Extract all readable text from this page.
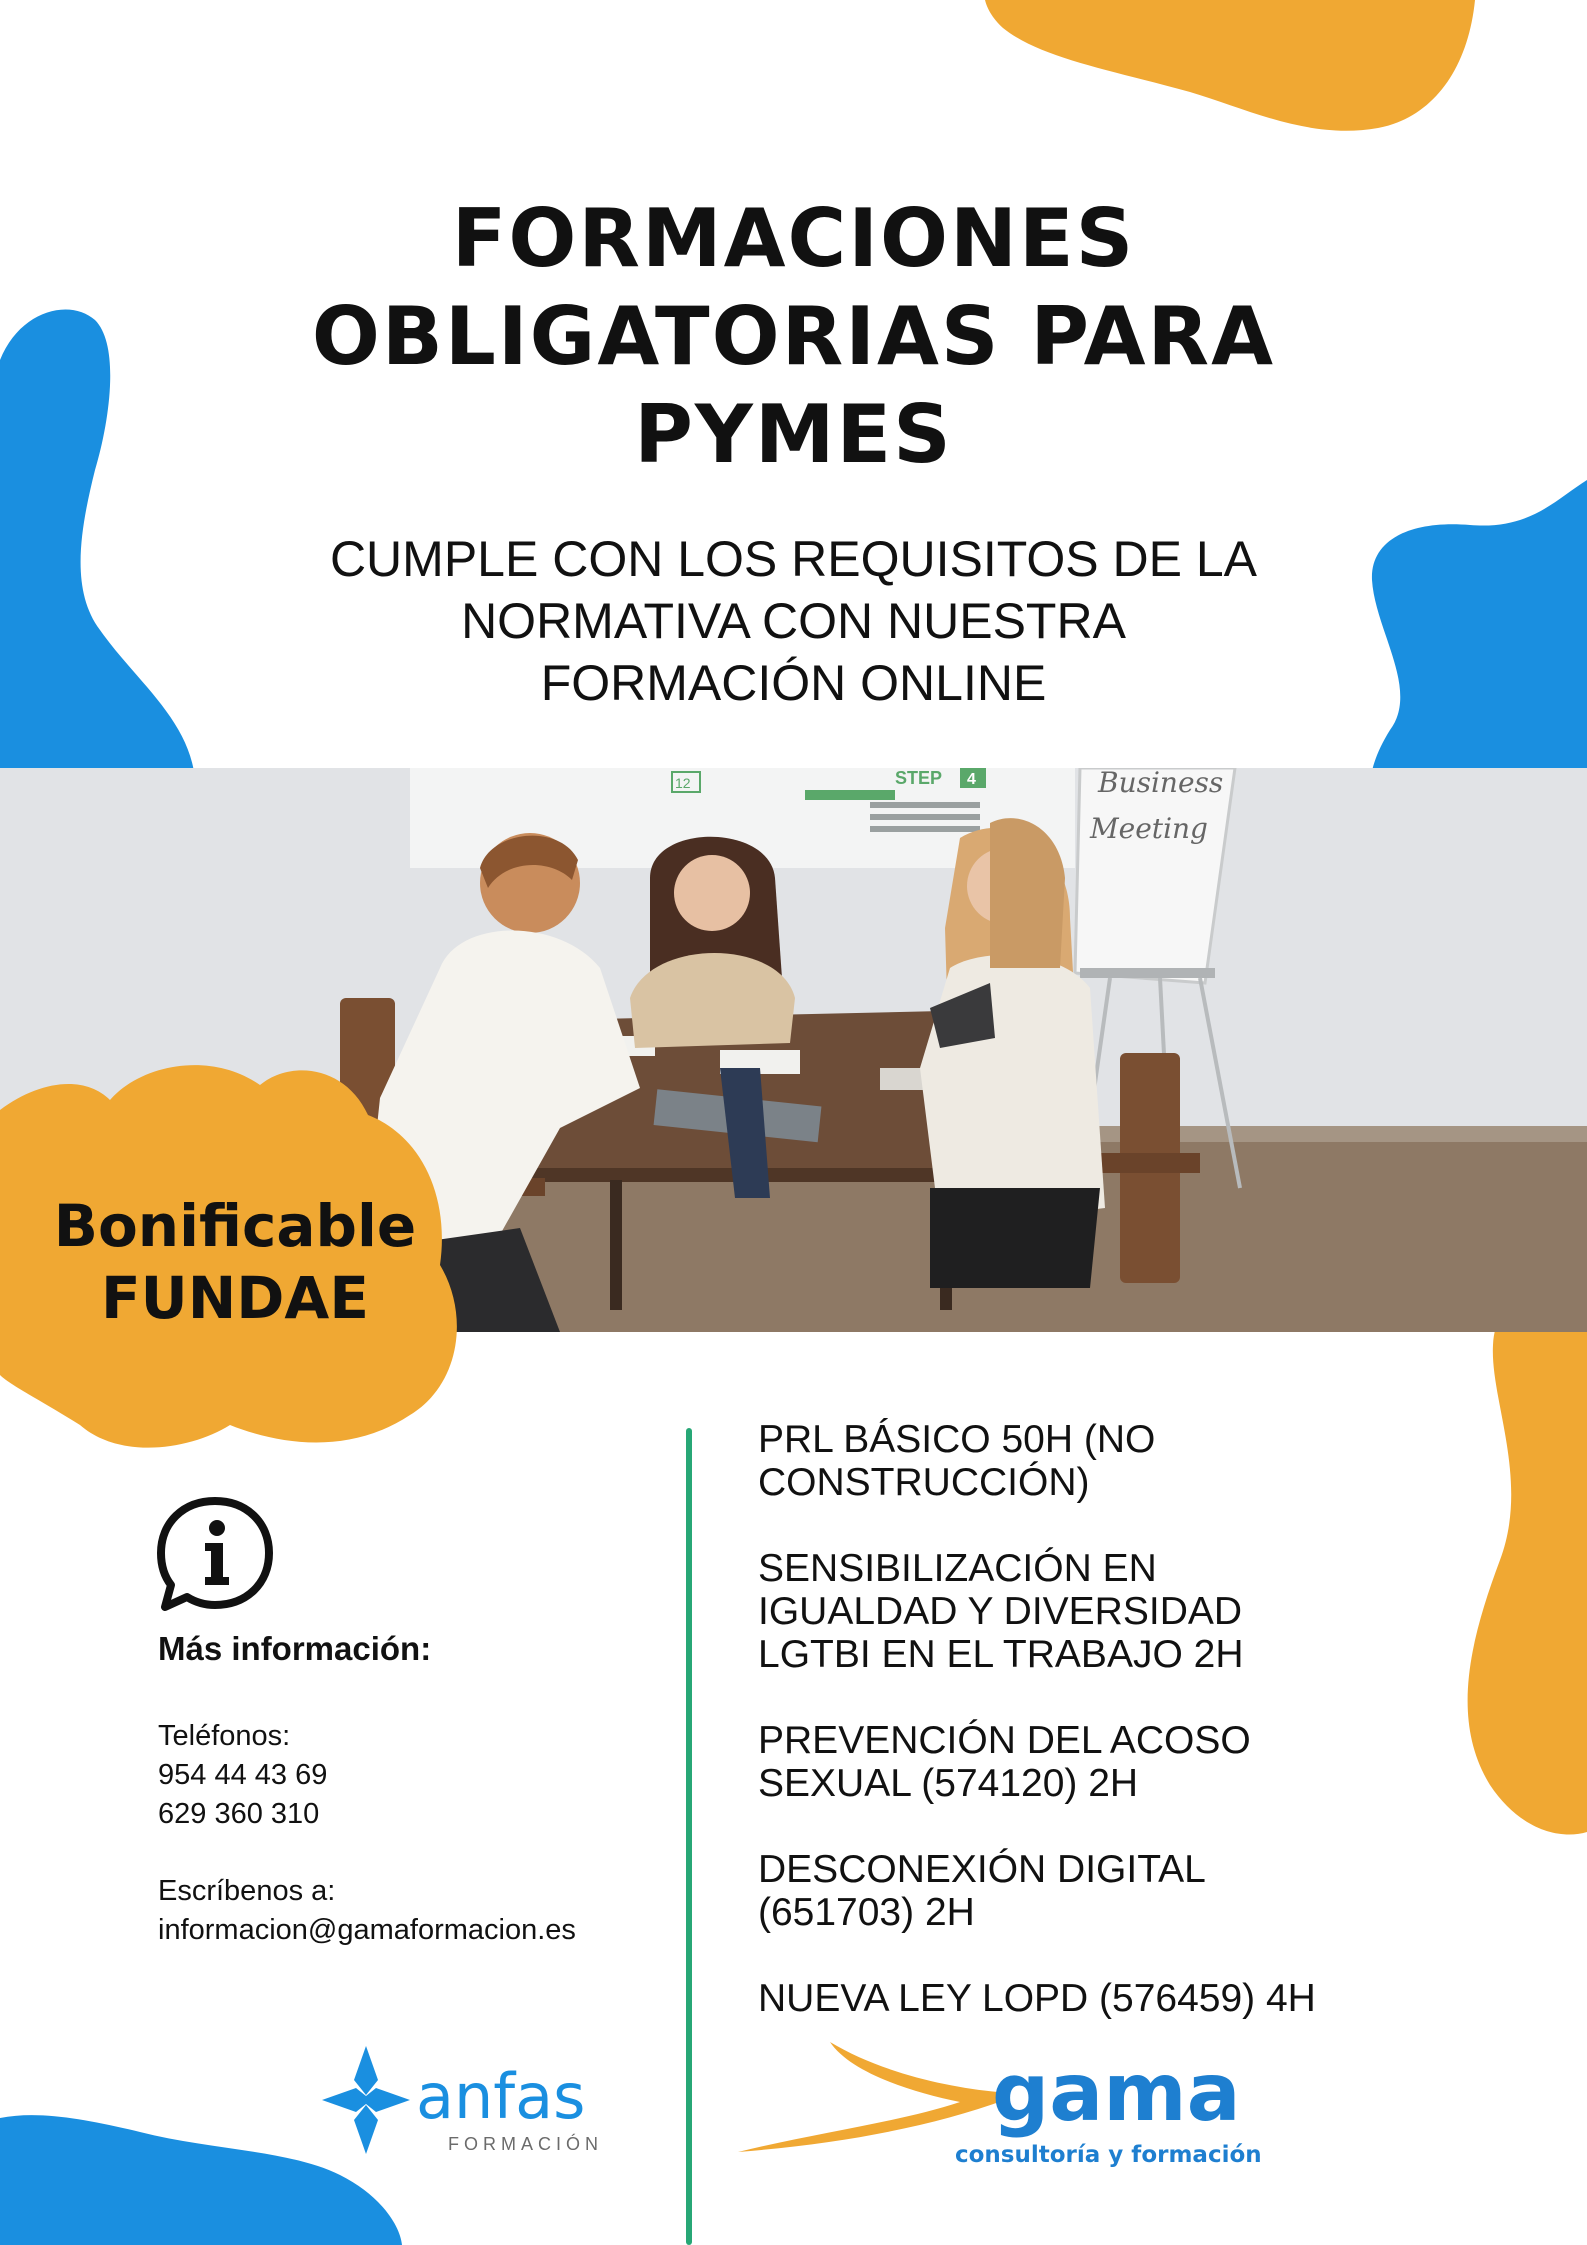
FORMACIONES
OBLIGATORIAS PARA
PYMES
CUMPLE CON LOS REQUISITOS DE LA
NORMATIVA CON NUESTRA
FORMACIÓN ONLINE
12	STEP 4	Business
Meeting
Bonificable
FUNDAE
Más información:
Teléfonos:
954 44 43 69
629 360 310
Escríbenos a:
informacion@gamaformacion.es
PRL BÁSICO 50H (NO
CONSTRUCCIÓN)
SENSIBILIZACIÓN EN
IGUALDAD Y DIVERSIDAD
LGTBI EN EL TRABAJO 2H
PREVENCIÓN DEL ACOSO
SEXUAL (574120) 2H
DESCONEXIÓN DIGITAL
(651703) 2H
NUEVA LEY LOPD (576459) 4H
anfas
FORMACIÓN
gama
consultoría y formación
